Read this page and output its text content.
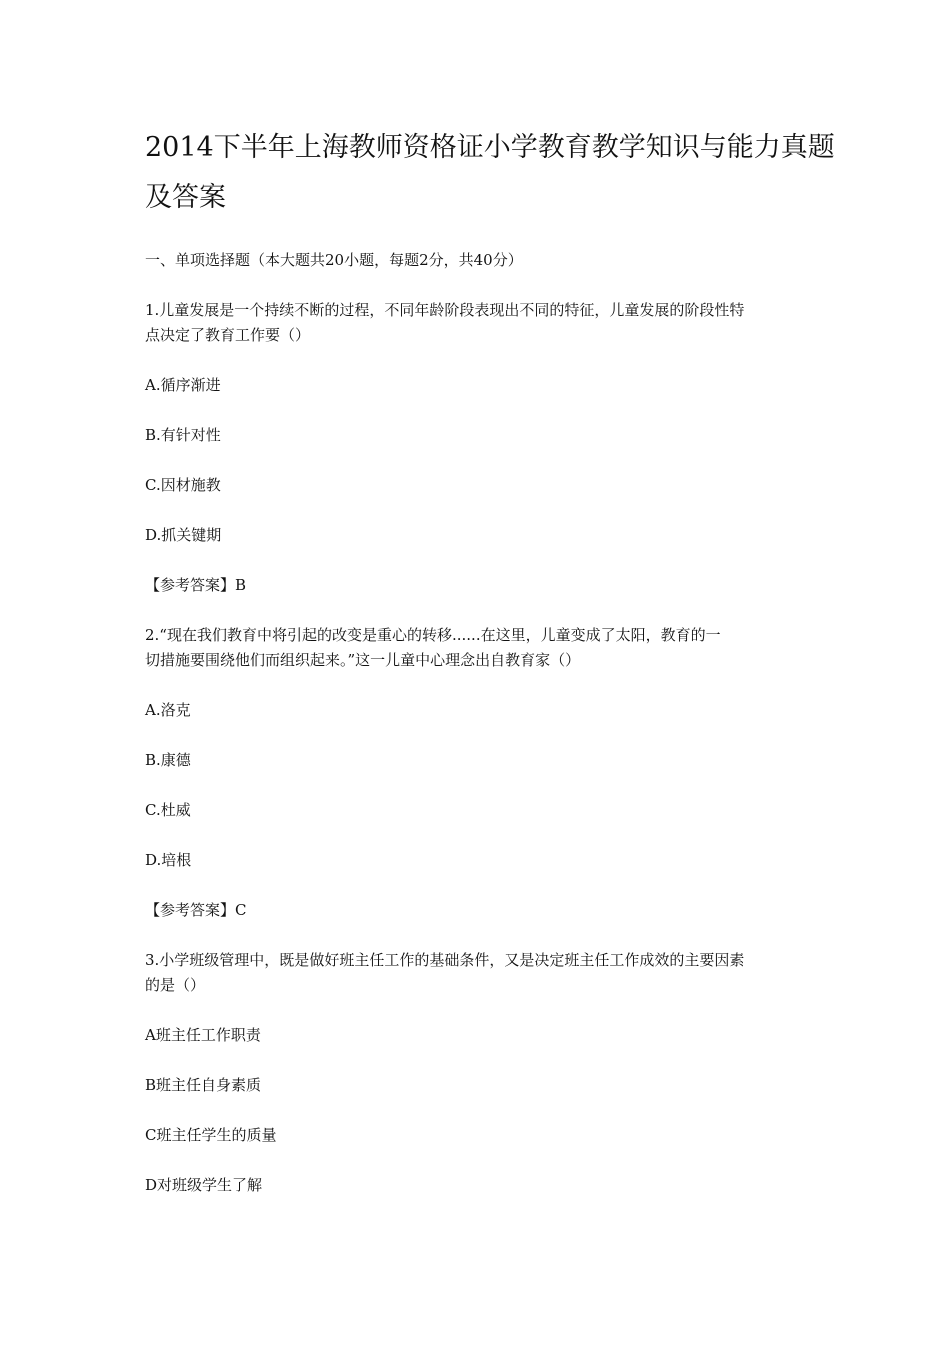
2014下半年上海教师资格证小学教育教学知识与能力真题
及答案
一、单项选择题（本大题共20小题，每题2分，共40分）
1.儿童发展是一个持续不断的过程，不同年龄阶段表现出不同的特征，儿童发展的阶段性特
点决定了教育工作要（）
A.循序渐进
B.有针对性
C.因材施教
D.抓关键期
【参考答案】B
2.“现在我们教育中将引起的改变是重心的转移......在这里，儿童变成了太阳，教育的一
切措施要围绕他们而组织起来。”这一儿童中心理念出自教育家（）
A.洛克
B.康德
C.杜威
D.培根
【参考答案】C
3.小学班级管理中，既是做好班主任工作的基础条件，又是决定班主任工作成效的主要因素
的是（）
A班主任工作职责
B班主任自身素质
C班主任学生的质量
D对班级学生了解
